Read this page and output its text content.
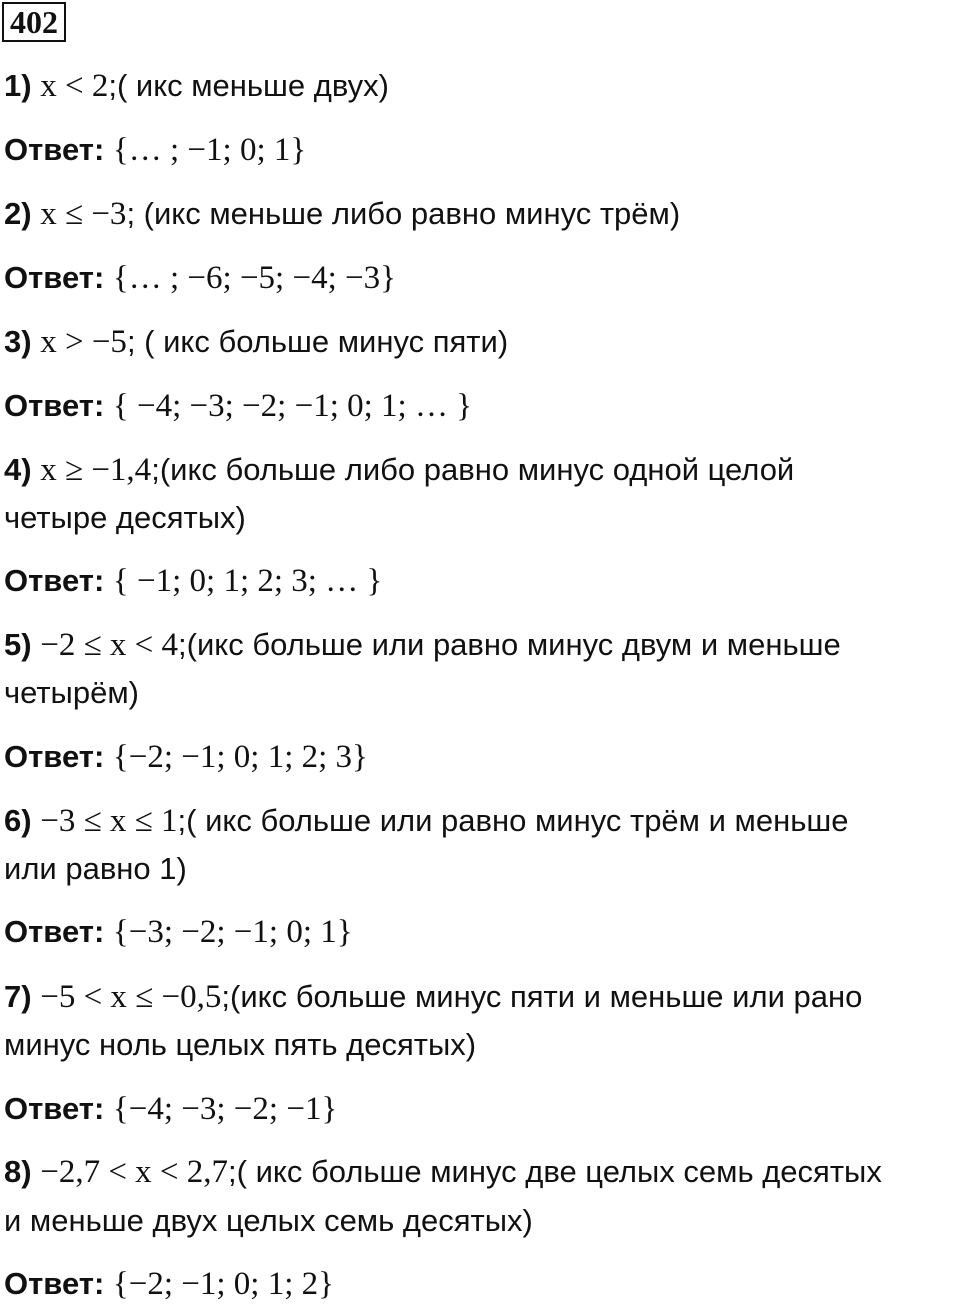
402
1) x < 2;( икс меньше двух)
Ответ: {… ; −1; 0; 1}
2) x ≤ −3; (икс меньше либо равно минус трём)
Ответ: {… ; −6; −5; −4; −3}
3) x > −5; ( икс больше минус пяти)
Ответ: { −4; −3; −2; −1; 0; 1; … }
4) x ≥ −1,4;(икс больше либо равно минус одной целой
четыре десятых)
Ответ: { −1; 0; 1; 2; 3; … }
5) −2 ≤ x < 4;(икс больше или равно минус двум и меньше
четырём)
Ответ: {−2; −1; 0; 1; 2; 3}
6) −3 ≤ x ≤ 1;( икс больше или равно минус трём и меньше
или равно 1)
Ответ: {−3; −2; −1; 0; 1}
7) −5 < x ≤ −0,5;(икс больше минус пяти и меньше или рано
минус ноль целых пять десятых)
Ответ: {−4; −3; −2; −1}
8) −2,7 < x < 2,7;( икс больше минус две целых семь десятых
и меньше двух целых семь десятых)
Ответ: {−2; −1; 0; 1; 2}
